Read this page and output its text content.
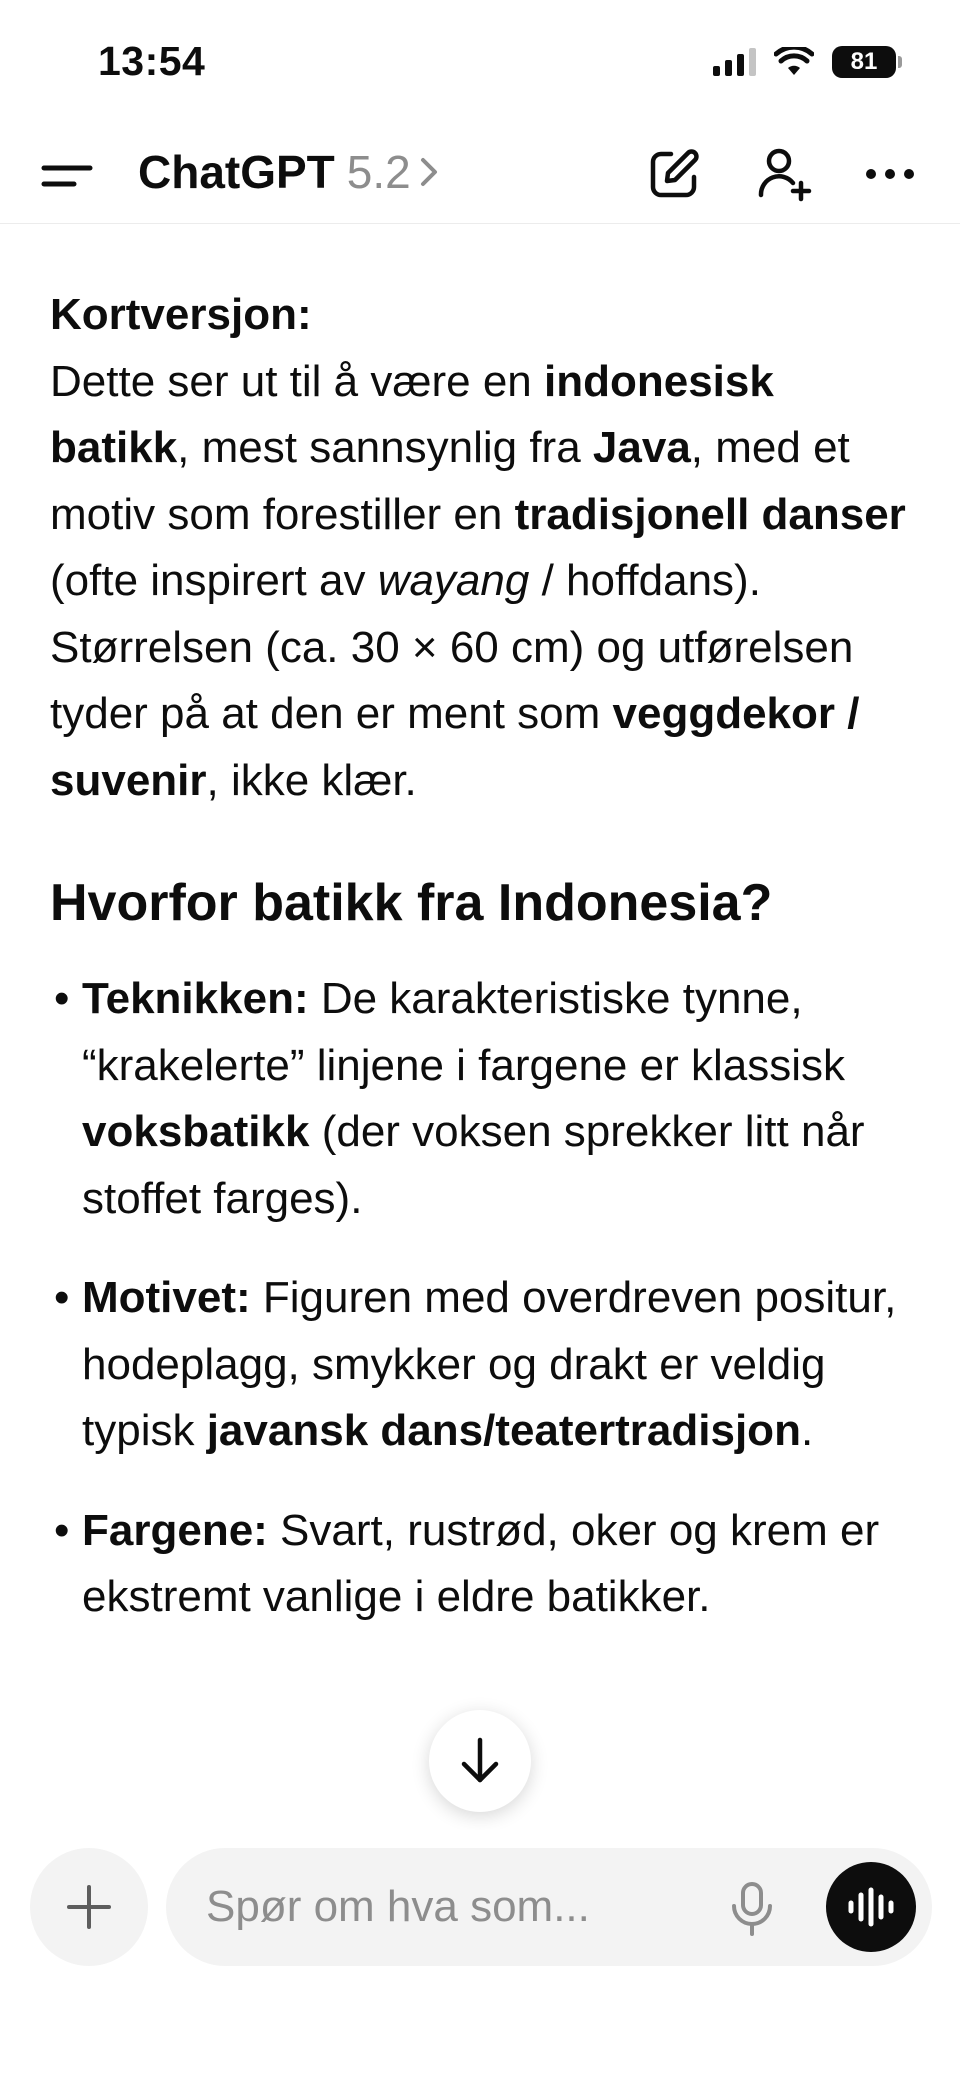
13:54	81
ChatGPT 5.2

Kortversjon:
Dette ser ut til å være en indonesisk batikk, mest sannsynlig fra Java, med et motiv som forestiller en tradisjonell danser (ofte inspirert av wayang / hoffdans). Størrelsen (ca. 30 × 60 cm) og utførelsen tyder på at den er ment som veggdekor / suvenir, ikke klær.

Hvorfor batikk fra Indonesia?
• Teknikken: De karakteristiske tynne, “krakelerte” linjene i fargene er klassisk voksbatikk (der voksen sprekker litt når stoffet farges).
• Motivet: Figuren med overdreven positur, hodeplagg, smykker og drakt er veldig typisk javansk dans/teatertradisjon.
• Fargene: Svart, rustrød, oker og krem er ekstremt vanlige i eldre batikker.
Spør om hva som...
